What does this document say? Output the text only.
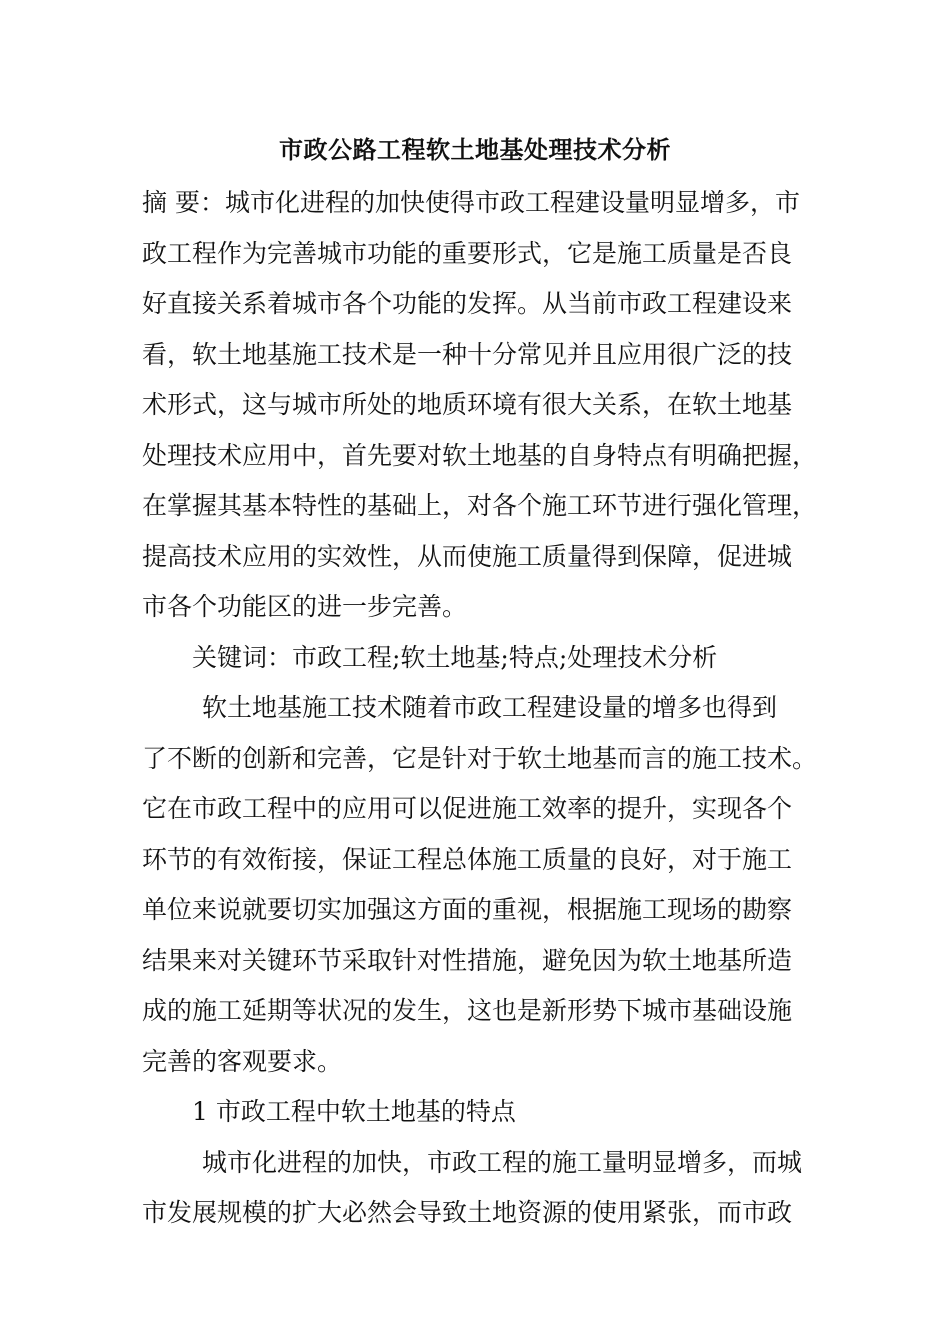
市政公路工程软土地基处理技术分析
摘 要：城市化进程的加快使得市政工程建设量明显增多，市
政工程作为完善城市功能的重要形式，它是施工质量是否良
好直接关系着城市各个功能的发挥。从当前市政工程建设来
看，软土地基施工技术是一种十分常见并且应用很广泛的技
术形式，这与城市所处的地质环境有很大关系，在软土地基
处理技术应用中，首先要对软土地基的自身特点有明确把握，
在掌握其基本特性的基础上，对各个施工环节进行强化管理，
提高技术应用的实效性，从而使施工质量得到保障，促进城
市各个功能区的进一步完善。
关键词：市政工程;软土地基;特点;处理技术分析
软土地基施工技术随着市政工程建设量的增多也得到
了不断的创新和完善，它是针对于软土地基而言的施工技术。
它在市政工程中的应用可以促进施工效率的提升，实现各个
环节的有效衔接，保证工程总体施工质量的良好，对于施工
单位来说就要切实加强这方面的重视，根据施工现场的勘察
结果来对关键环节采取针对性措施，避免因为软土地基所造
成的施工延期等状况的发生，这也是新形势下城市基础设施
完善的客观要求。
1 市政工程中软土地基的特点
城市化进程的加快，市政工程的施工量明显增多，而城
市发展规模的扩大必然会导致土地资源的使用紧张，而市政
